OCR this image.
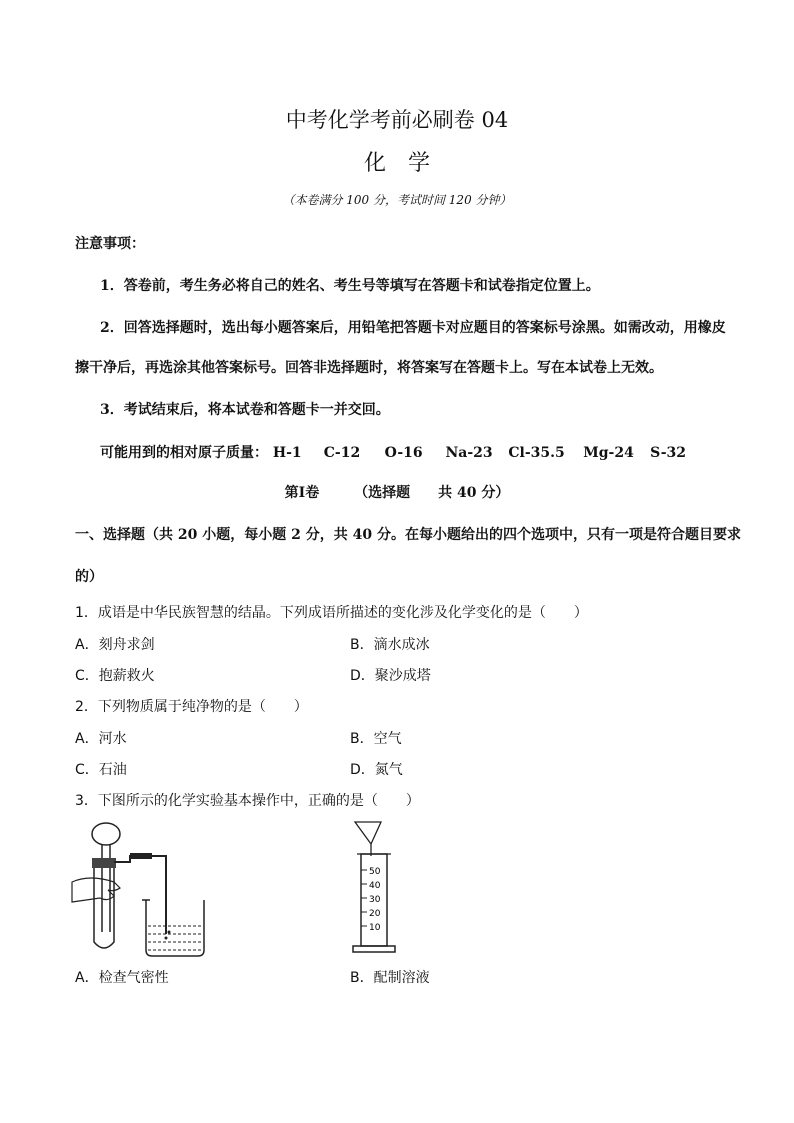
中考化学考前必刷卷 04
化学
（本卷满分 100 分，考试时间 120 分钟）
注意事项：
1．答卷前，考生务必将自己的姓名、考生号等填写在答题卡和试卷指定位置上。
2．回答选择题时，选出每小题答案后，用铅笔把答题卡对应题目的答案标号涂黑。如需改动，用橡皮
擦干净后，再选涂其他答案标号。回答非选择题时，将答案写在答题卡上。写在本试卷上无效。
3．考试结束后，将本试卷和答题卡一并交回。
可能用到的相对原子质量： H-1 C-12 O-16 Na-23 Cl-35.5 Mg-24 S-32
第Ⅰ卷 （选择题　　共 40 分）
一、选择题（共 20 小题，每小题 2 分，共 40 分。在每小题给出的四个选项中，只有一项是符合题目要求
的）
1．成语是中华民族智慧的结晶。下列成语所描述的变化涉及化学变化的是（　　）
A．刻舟求剑	B．滴水成冰
C．抱薪救火	D．聚沙成塔
2．下列物质属于纯净物的是（　　）
A．河水	B．空气
C．石油	D．氮气
3．下图所示的化学实验基本操作中，正确的是（　　）
50
40
30
20
10
A．检查气密性	B．配制溶液
